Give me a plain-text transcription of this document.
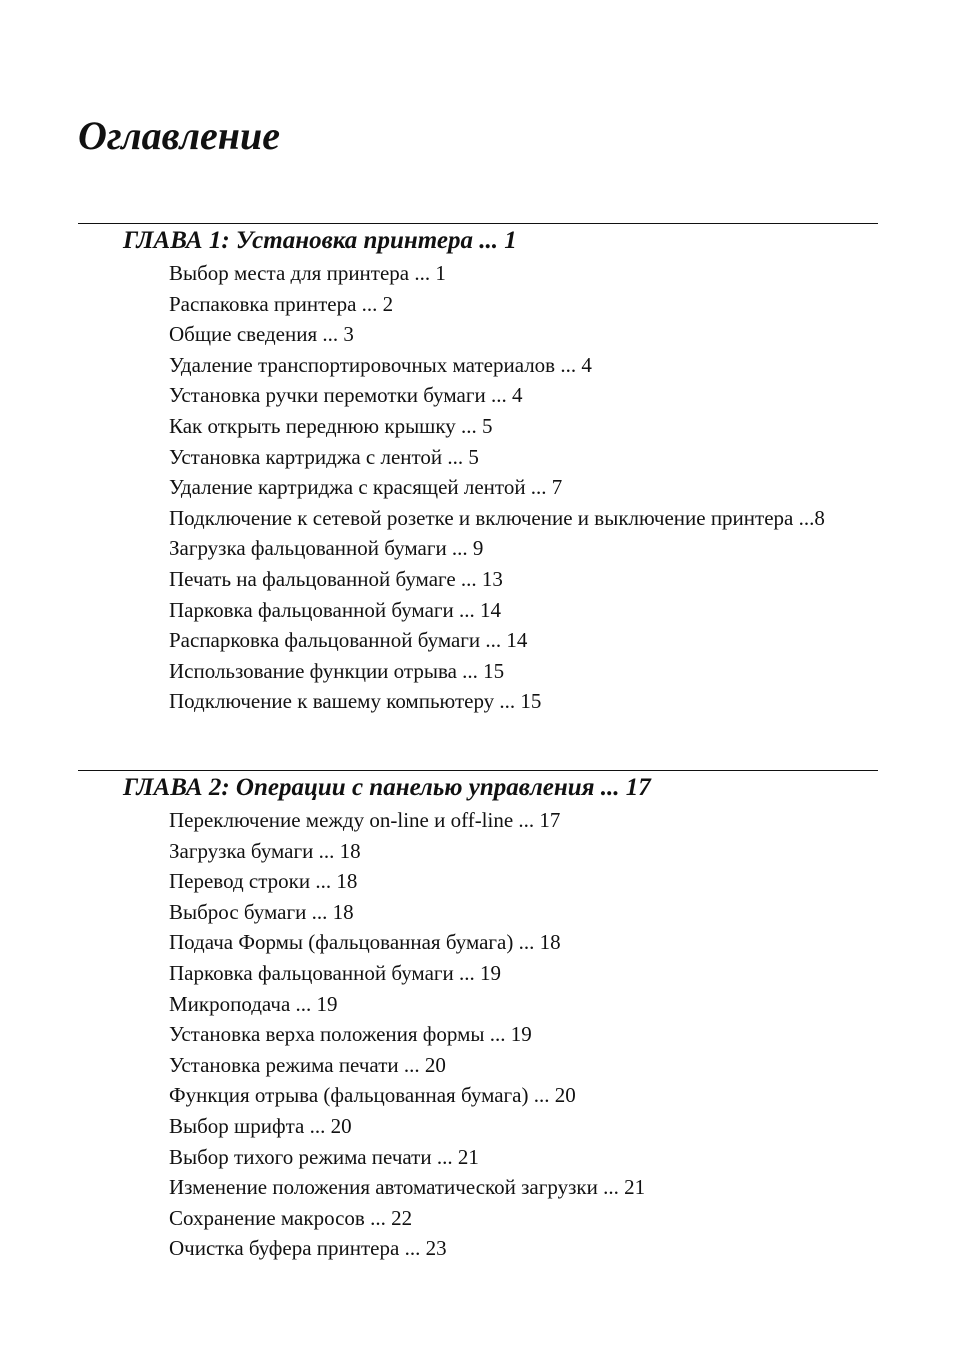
Оглавление
ГЛАВА 1: Установка принтера ... 1
Выбор места для принтера ... 1
Распаковка принтера ... 2
Общие сведения ... 3
Удаление транспортировочных материалов ... 4
Установка ручки перемотки бумаги ... 4
Как открыть переднюю крышку ... 5
Установка картриджа с лентой ... 5
Удаление картриджа с красящей лентой ... 7
Подключение к сетевой розетке и включение и выключение принтера ...8
Загрузка фальцованной бумаги ... 9
Печать на фальцованной бумаге ... 13
Парковка фальцованной бумаги ... 14
Распарковка фальцованной бумаги ... 14
Использование функции отрыва ... 15
Подключение к вашему компьютеру ... 15
ГЛАВА 2: Операции с панелью управления ... 17
Переключение между on-line и off-line ... 17
Загрузка бумаги ... 18
Перевод строки ... 18
Выброс бумаги ... 18
Подача Формы (фальцованная бумага) ... 18
Парковка фальцованной бумаги ... 19
Микроподача ... 19
Установка верха положения формы ... 19
Установка режима печати ... 20
Функция отрыва (фальцованная бумага) ... 20
Выбор шрифта ... 20
Выбор тихого режима печати ... 21
Изменение положения автоматической загрузки ... 21
Сохранение макросов ... 22
Очистка буфера принтера ... 23
